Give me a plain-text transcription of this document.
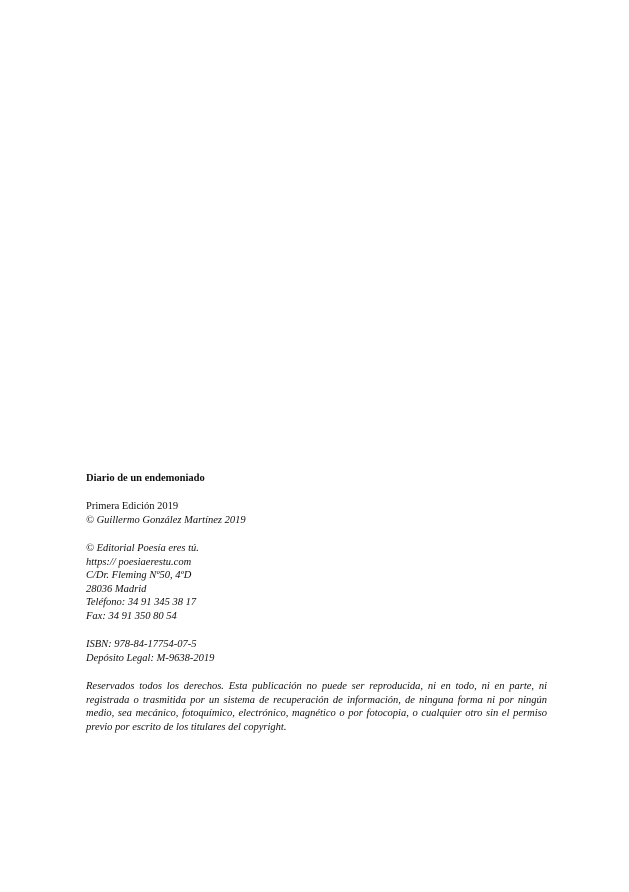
Diario de un endemoniado
Primera Edición 2019
© Guillermo González Martínez 2019
© Editorial Poesía eres tú.
https:// poesiaerestu.com
C/Dr. Fleming Nº50, 4ºD
28036 Madrid
Teléfono: 34 91 345 38 17
Fax: 34 91 350 80 54
ISBN: 978-84-17754-07-5
Depósito Legal: M-9638-2019
Reservados todos los derechos. Esta publicación no puede ser reproducida, ni en todo, ni en parte, ni registrada o trasmitida por un sistema de recuperación de información, de ninguna forma ni por ningún medio, sea mecánico, fotoquímico, electrónico, magnético o por fotocopia, o cualquier otro sin el permiso previo por escrito de los titulares del copyright.
